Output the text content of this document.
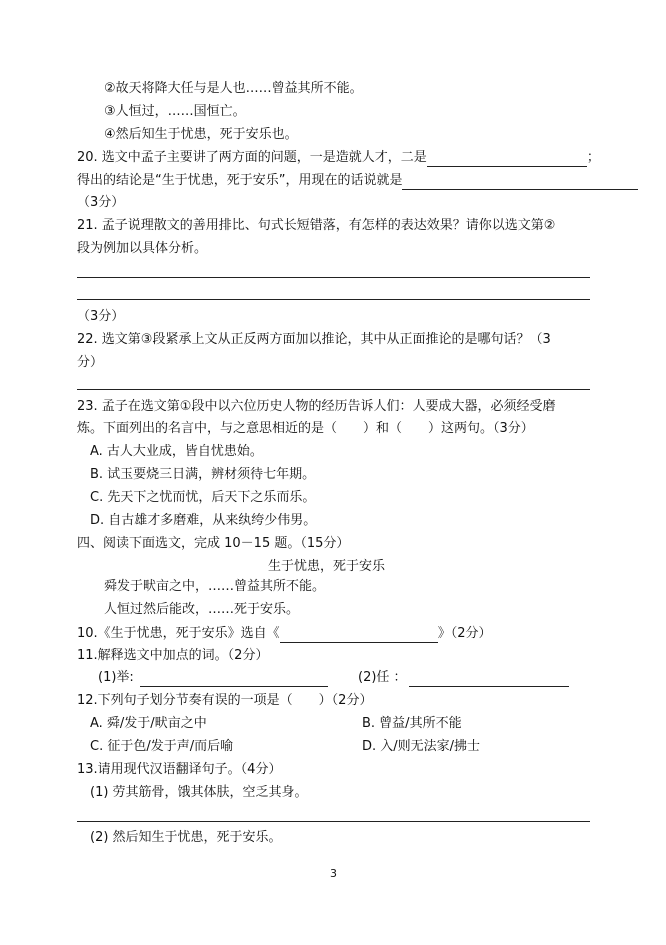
②故天将降大任与是人也……曾益其所不能。
③人恒过，……国恒亡。
④然后知生于忧患，死于安乐也。
20. 选文中孟子主要讲了两方面的问题，一是造就人才，二是	；
得出的结论是“生于忧患，死于安乐”，用现在的话说就是
（3分）
21. 孟子说理散文的善用排比、句式长短错落，有怎样的表达效果？请你以选文第②
段为例加以具体分析。
（3分）
22. 选文第③段紧承上文从正反两方面加以推论，其中从正面推论的是哪句话？（3
分）
23. 孟子在选文第①段中以六位历史人物的经历告诉人们：人要成大器，必须经受磨
炼。下面列出的名言中，与之意思相近的是（　　）和（　　）这两句。（3分）
A. 古人大业成，皆自忧患始。
B. 试玉要烧三日满，辨材须待七年期。
C. 先天下之忧而忧，后天下之乐而乐。
D. 自古雄才多磨难，从来纨绔少伟男。
四、阅读下面选文，完成 10－15 题。（15分）
生于忧患，死于安乐
舜发于畎亩之中，……曾益其所不能。
人恒过然后能改，……死于安乐。
10.《生于忧患，死于安乐》选自《	》（2分）
11.解释选文中加点的词。（2分）
(1)举:	(2)任 ：
12.下列句子划分节奏有误的一项是（　　）（2分）
A. 舜/发于/畎亩之中	B. 曾益/其所不能
C. 征于色/发于声/而后喻	D. 入/则无法家/拂士
13.请用现代汉语翻译句子。（4分）
(1) 劳其筋骨，饿其体肤，空乏其身。
(2) 然后知生于忧患，死于安乐。
3
